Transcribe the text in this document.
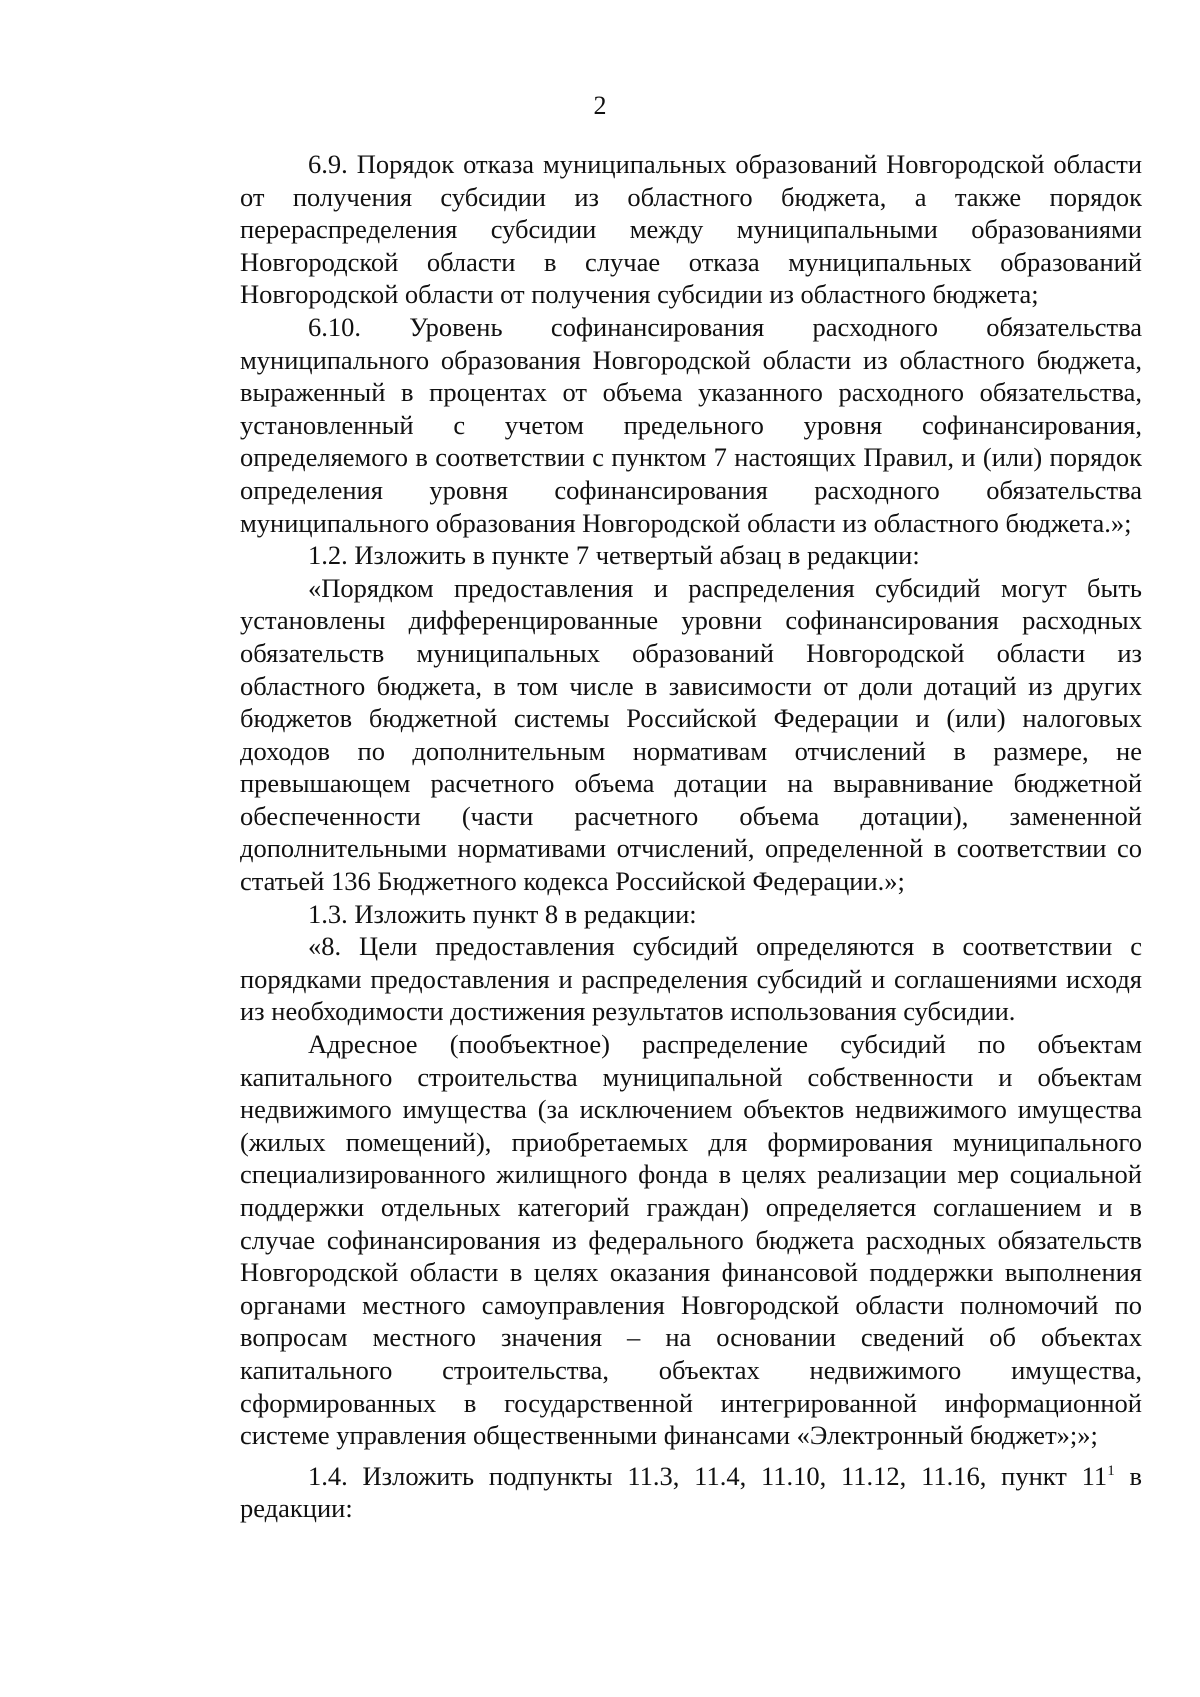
2

6.9. Порядок отказа муниципальных образований Новгородской области от получения субсидии из областного бюджета, а также порядок перераспределения субсидии между муниципальными образованиями Новгородской области в случае отказа муниципальных образований Новгородской области от получения субсидии из областного бюджета;

6.10. Уровень софинансирования расходного обязательства муниципального образования Новгородской области из областного бюджета, выраженный в процентах от объема указанного расходного обязательства, установленный с учетом предельного уровня софинансирования, определяемого в соответствии с пунктом 7 настоящих Правил, и (или) порядок определения уровня софинансирования расходного обязательства муниципального образования Новгородской области из областного бюджета.»;

1.2. Изложить в пункте 7 четвертый абзац в редакции:

«Порядком предоставления и распределения субсидий могут быть установлены дифференцированные уровни софинансирования расходных обязательств муниципальных образований Новгородской области из областного бюджета, в том числе в зависимости от доли дотаций из других бюджетов бюджетной системы Российской Федерации и (или) налоговых доходов по дополнительным нормативам отчислений в размере, не превышающем расчетного объема дотации на выравнивание бюджетной обеспеченности (части расчетного объема дотации), замененной дополнительными нормативами отчислений, определенной в соответствии со статьей 136 Бюджетного кодекса Российской Федерации.»;

1.3. Изложить пункт 8 в редакции:

«8. Цели предоставления субсидий определяются в соответствии с порядками предоставления и распределения субсидий и соглашениями исходя из необходимости достижения результатов использования субсидии.

Адресное (пообъектное) распределение субсидий по объектам капитального строительства муниципальной собственности и объектам недвижимого имущества (за исключением объектов недвижимого имущества (жилых помещений), приобретаемых для формирования муниципального специализированного жилищного фонда в целях реализации мер социальной поддержки отдельных категорий граждан) определяется соглашением и в случае софинансирования из федерального бюджета расходных обязательств Новгородской области в целях оказания финансовой поддержки выполнения органами местного самоуправления Новгородской области полномочий по вопросам местного значения – на основании сведений об объектах капитального строительства, объектах недвижимого имущества, сформированных в государственной интегрированной информационной системе управления общественными финансами «Электронный бюджет»;»;

1.4. Изложить подпункты 11.3, 11.4, 11.10, 11.12, 11.16, пункт $11^1$ в редакции:
